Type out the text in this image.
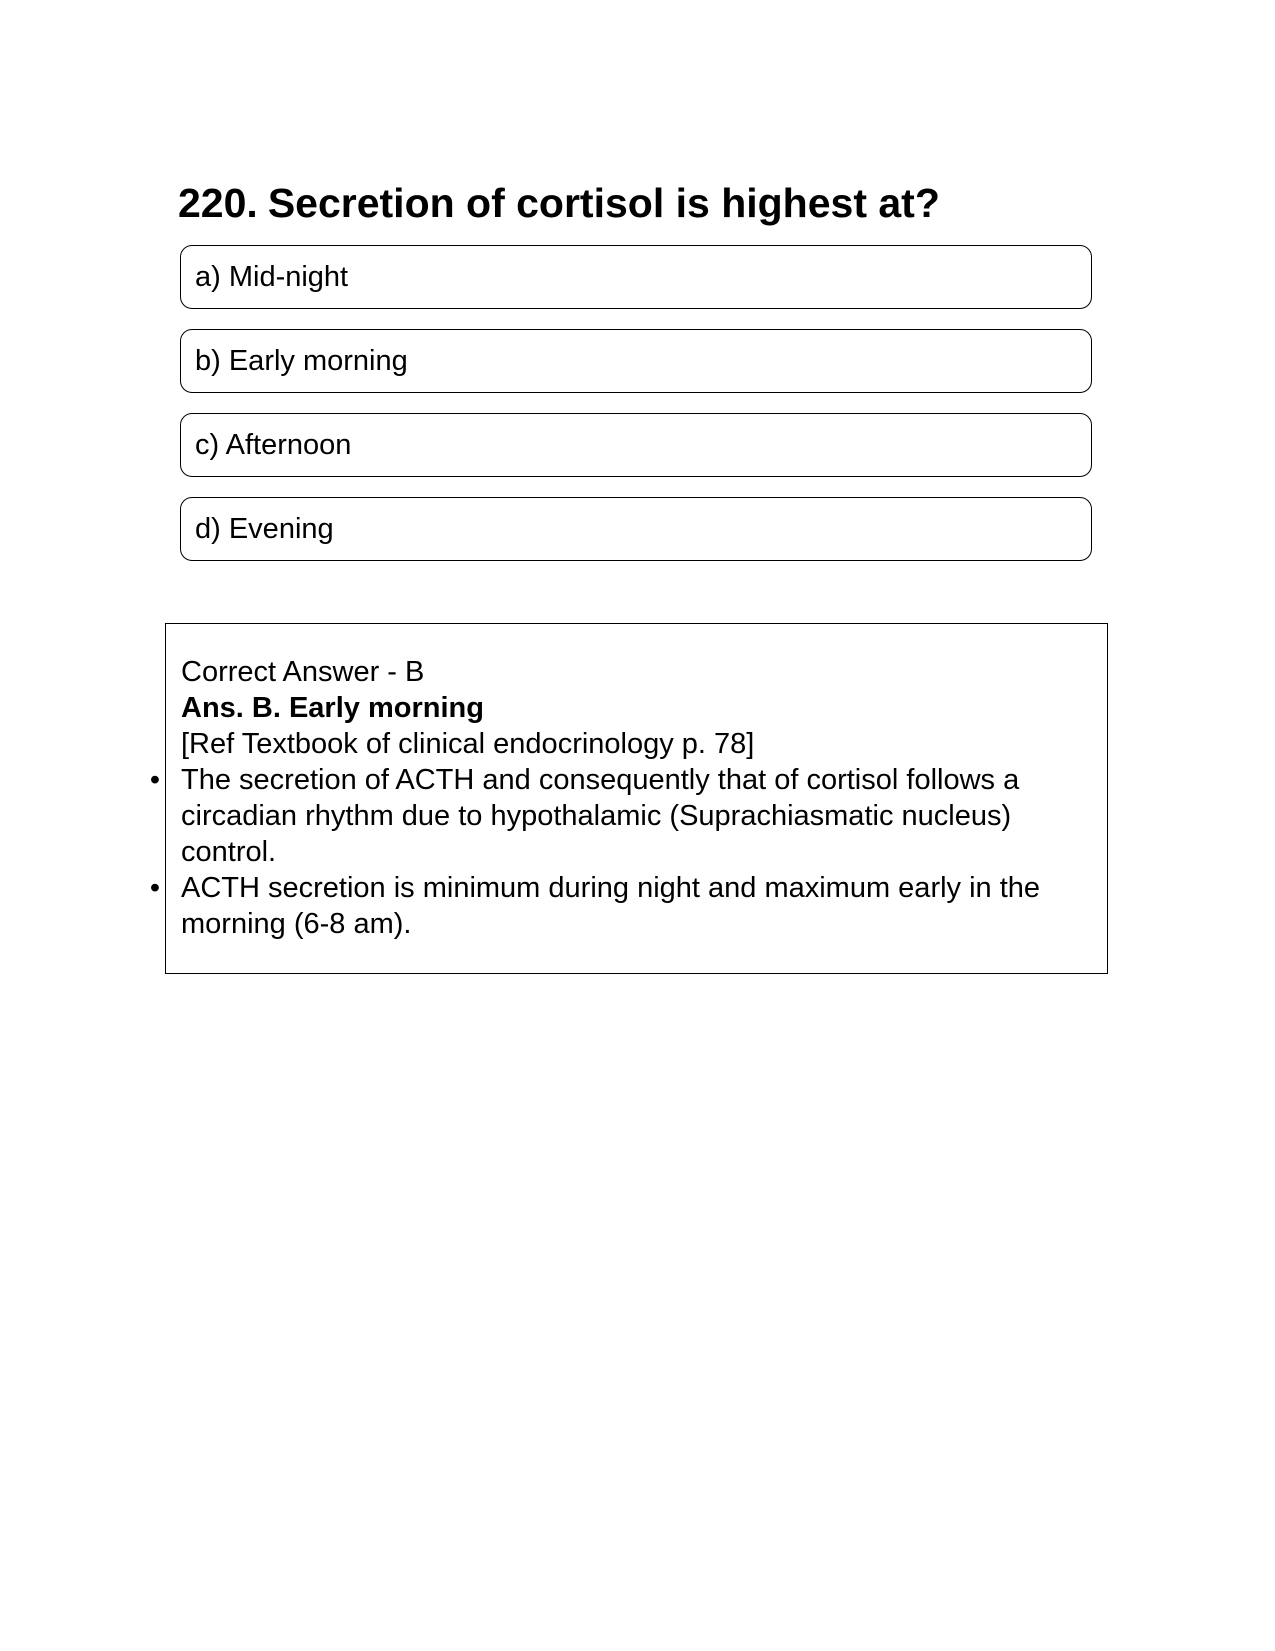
220. Secretion of cortisol is highest at?
a) Mid-night
b) Early morning
c) Afternoon
d) Evening
Correct Answer - B
Ans. B. Early morning
[Ref Textbook of clinical endocrinology p. 78]
• The secretion of ACTH and consequently that of cortisol follows a circadian rhythm due to hypothalamic (Suprachiasmatic nucleus) control.
• ACTH secretion is minimum during night and maximum early in the morning (6-8 am).
